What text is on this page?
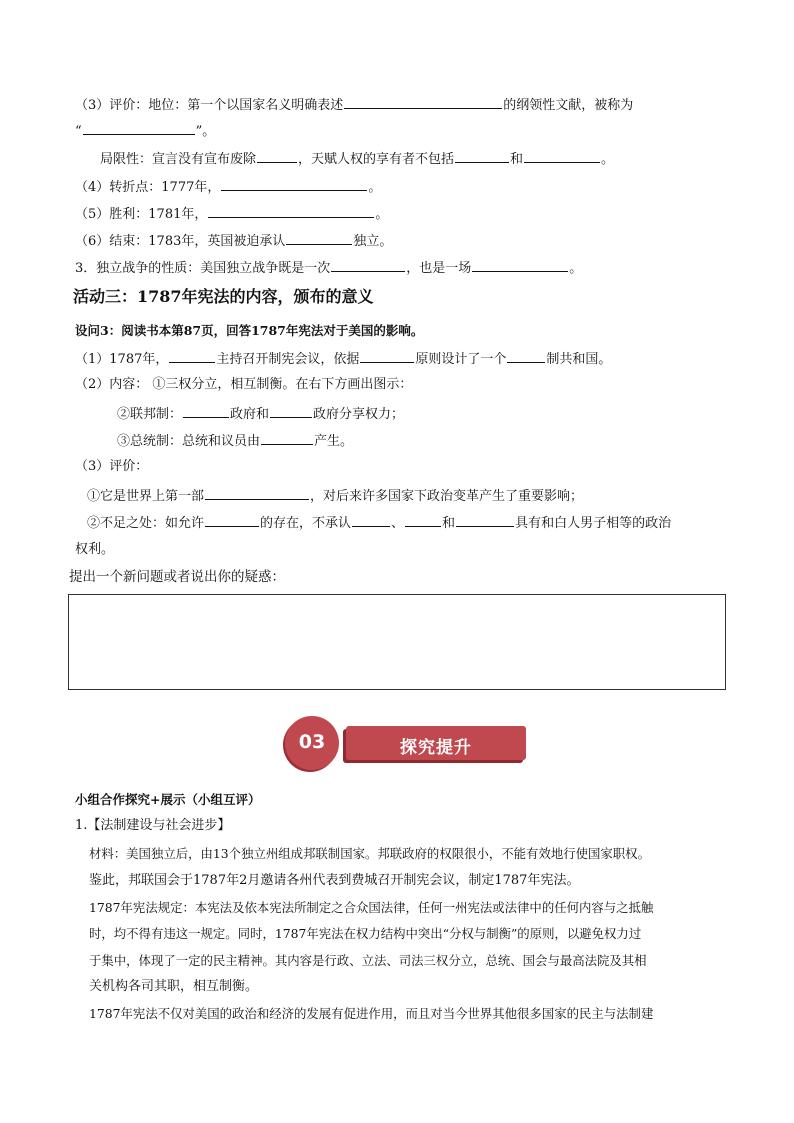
（3）评价：地位：第一个以国家名义明确表述	的纲领性文献，被称为
“	”。
局限性：宣言没有宣布废除	，天赋人权的享有者不包括	和	。
（4）转折点：1777年，	。
（5）胜利：1781年，	。
（6）结束：1783年，英国被迫承认	独立。
3．独立战争的性质：美国独立战争既是一次	，也是一场	。
活动三：1787年宪法的内容，颁布的意义
设问3：阅读书本第87页，回答1787年宪法对于美国的影响。
（1）1787年，	主持召开制宪会议，依据	原则设计了一个	制共和国。
（2）内容： ①三权分立，相互制衡。在右下方画出图示：
②联邦制：	政府和	政府分享权力；
③总统制：总统和议员由	产生。
（3）评价：
①它是世界上第一部	，对后来许多国家下政治变革产生了重要影响；
②不足之处：如允许	的存在，不承认	、	和	具有和白人男子相等的政治
权利。
提出一个新问题或者说出你的疑惑：
03	探究提升
小组合作探究+展示（小组互评）
1.【法制建设与社会进步】
材料：美国独立后，由13个独立州组成邦联制国家。邦联政府的权限很小，不能有效地行使国家职权。
鉴此，邦联国会于1787年2月邀请各州代表到费城召开制宪会议，制定1787年宪法。
1787年宪法规定：本宪法及依本宪法所制定之合众国法律，任何一州宪法或法律中的任何内容与之抵触
时，均不得有违这一规定。同时，1787年宪法在权力结构中突出“分权与制衡”的原则，以避免权力过
于集中，体现了一定的民主精神。其内容是行政、立法、司法三权分立，总统、国会与最高法院及其相
关机构各司其职，相互制衡。
1787年宪法不仅对美国的政治和经济的发展有促进作用，而且对当今世界其他很多国家的民主与法制建
